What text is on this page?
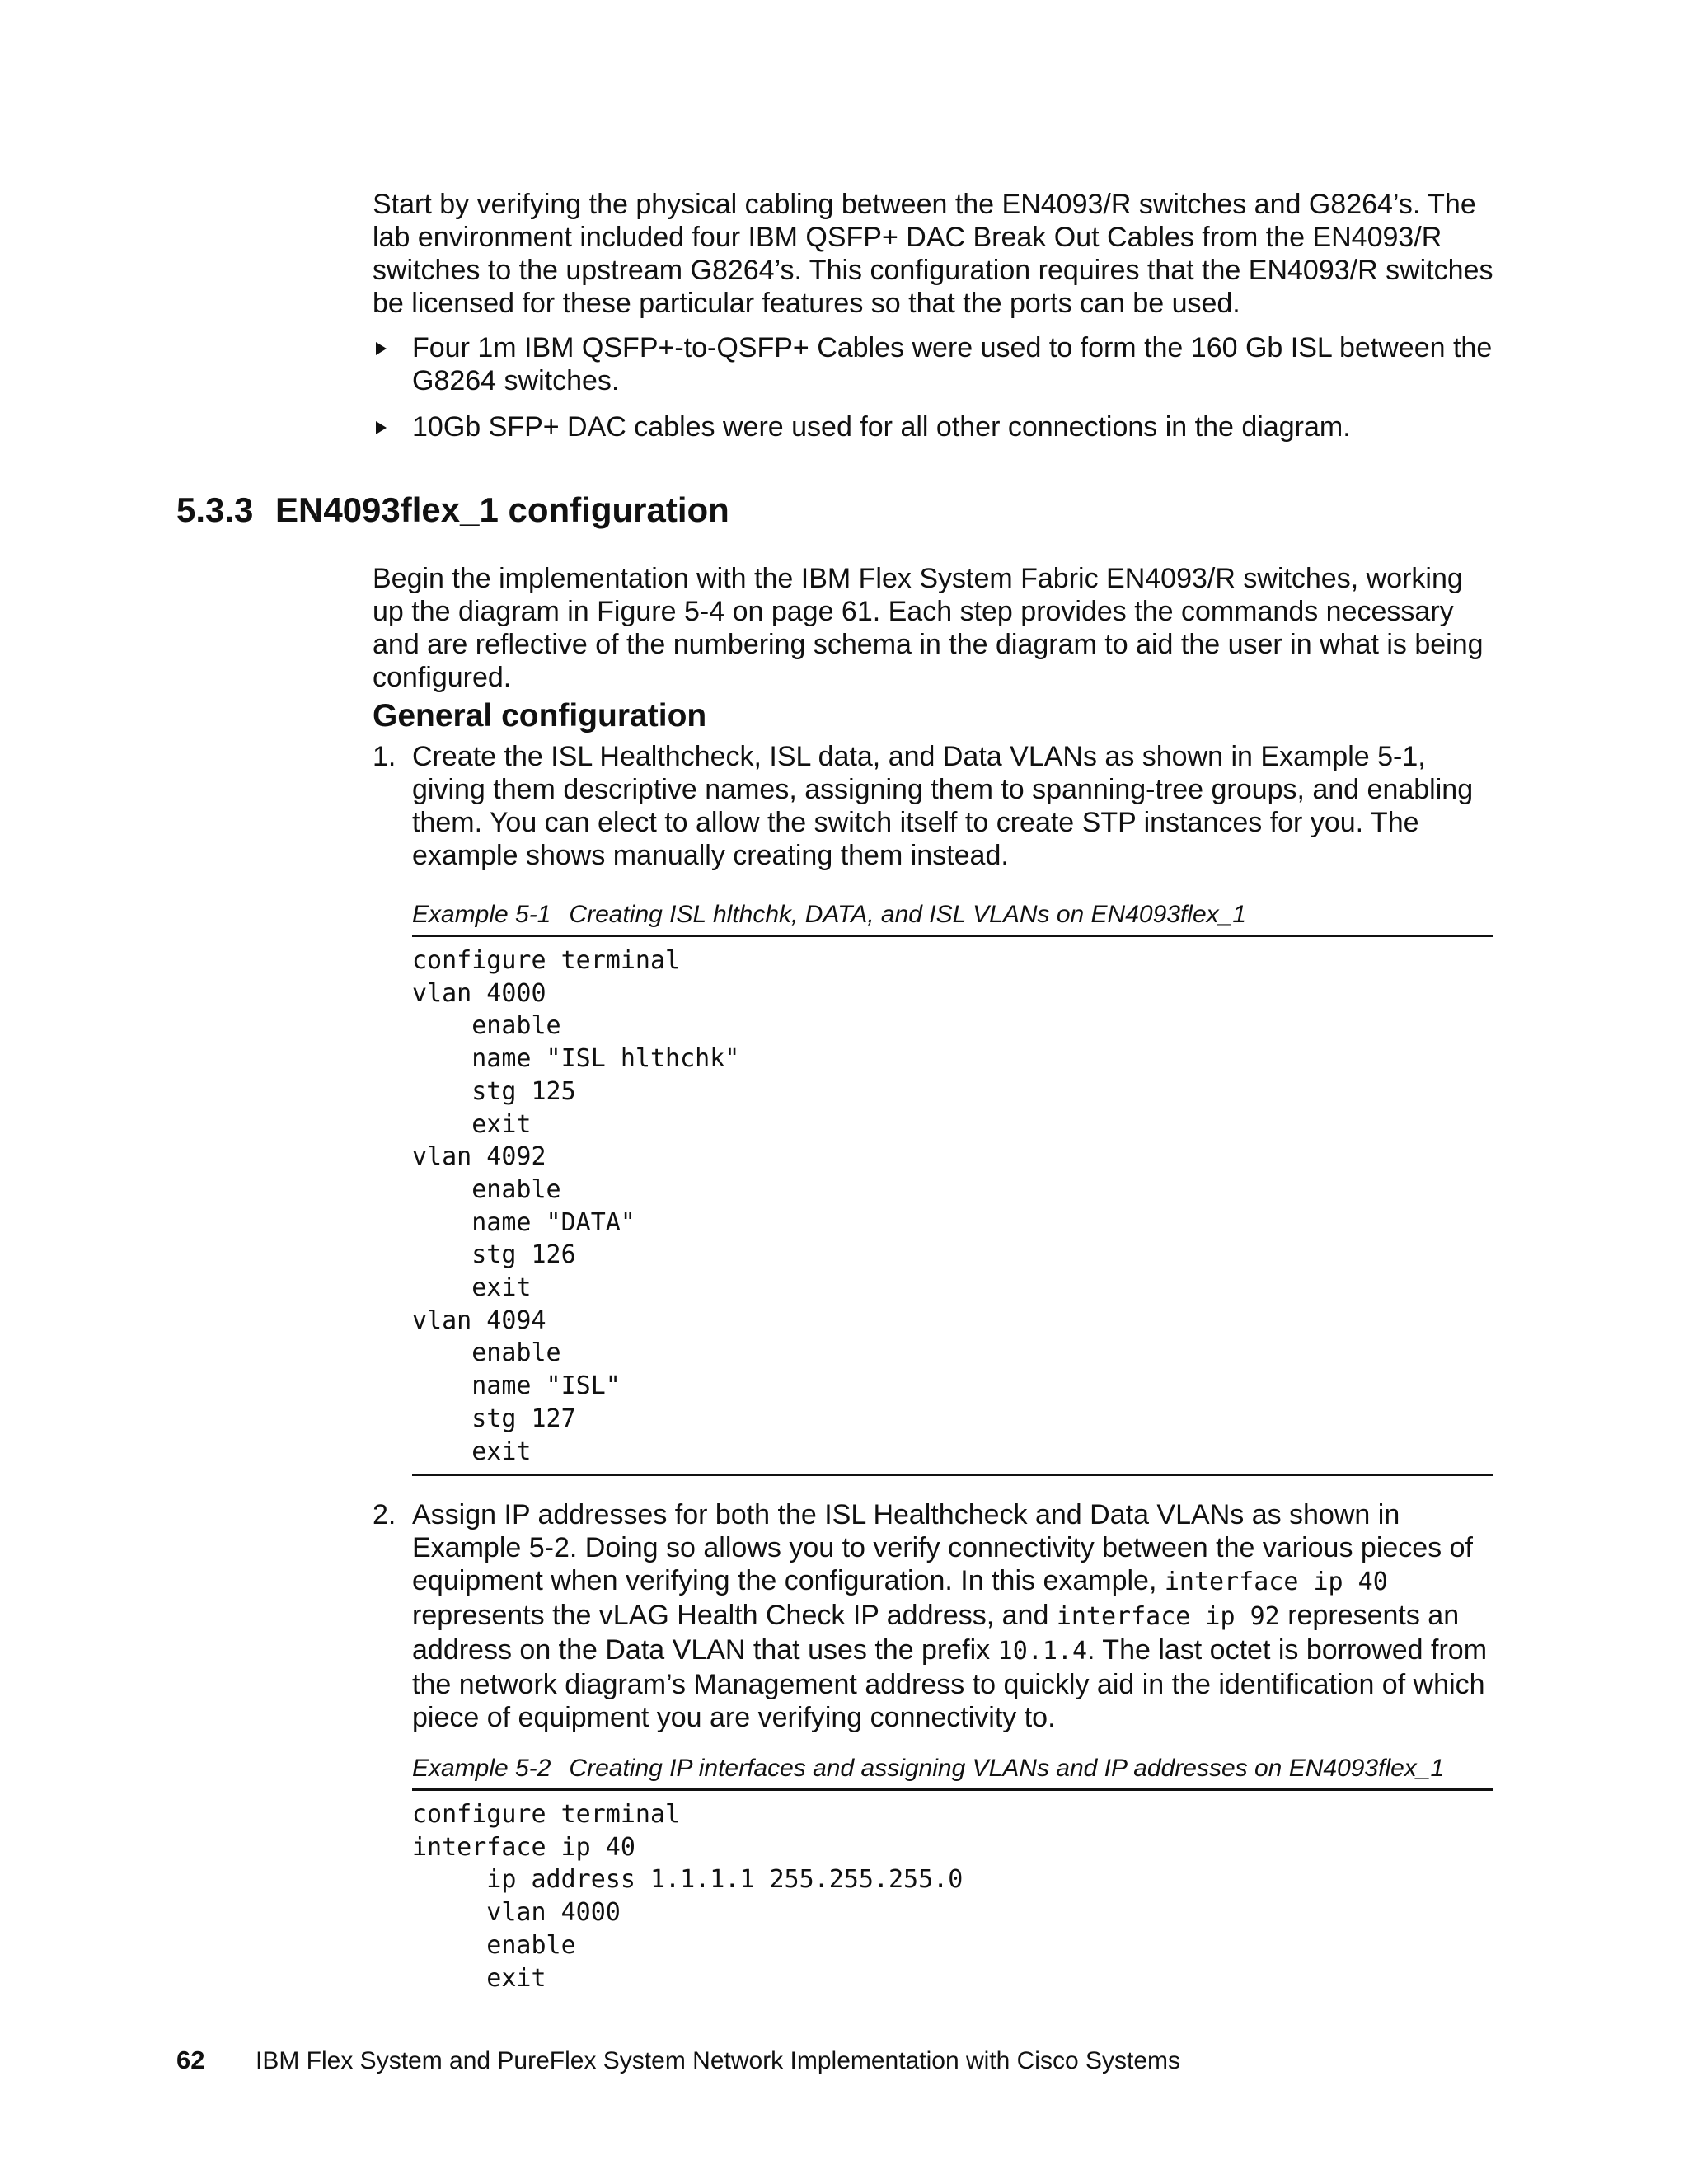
Start by verifying the physical cabling between the EN4093/R switches and G8264’s. The lab environment included four IBM QSFP+ DAC Break Out Cables from the EN4093/R switches to the upstream G8264’s. This configuration requires that the EN4093/R switches be licensed for these particular features so that the ports can be used.

Four 1m IBM QSFP+-to-QSFP+ Cables were used to form the 160 Gb ISL between the G8264 switches.
10Gb SFP+ DAC cables were used for all other connections in the diagram.
5.3.3 EN4093flex_1 configuration

Begin the implementation with the IBM Flex System Fabric EN4093/R switches, working up the diagram in Figure 5-4 on page 61. Each step provides the commands necessary and are reflective of the numbering schema in the diagram to aid the user in what is being configured.

General configuration
1. Create the ISL Healthcheck, ISL data, and Data VLANs as shown in Example 5-1, giving them descriptive names, assigning them to spanning-tree groups, and enabling them. You can elect to allow the switch itself to create STP instances for you. The example shows manually creating them instead.

Example 5-1 Creating ISL hlthchk, DATA, and ISL VLANs on EN4093flex_1

configure terminal
vlan 4000
enable
name "ISL hlthchk"
stg 125
exit
vlan 4092
enable
name "DATA"
stg 126
exit
vlan 4094
enable
name "ISL"
stg 127
exit
2. Assign IP addresses for both the ISL Healthcheck and Data VLANs as shown in Example 5-2. Doing so allows you to verify connectivity between the various pieces of equipment when verifying the configuration. In this example, interface ip 40 represents the vLAG Health Check IP address, and interface ip 92 represents an address on the Data VLAN that uses the prefix 10.1.4. The last octet is borrowed from the network diagram’s Management address to quickly aid in the identification of which piece of equipment you are verifying connectivity to.

Example 5-2 Creating IP interfaces and assigning VLANs and IP addresses on EN4093flex_1

configure terminal
interface ip 40
ip address 1.1.1.1 255.255.255.0
vlan 4000
enable
exit
62 IBM Flex System and PureFlex System Network Implementation with Cisco Systems
